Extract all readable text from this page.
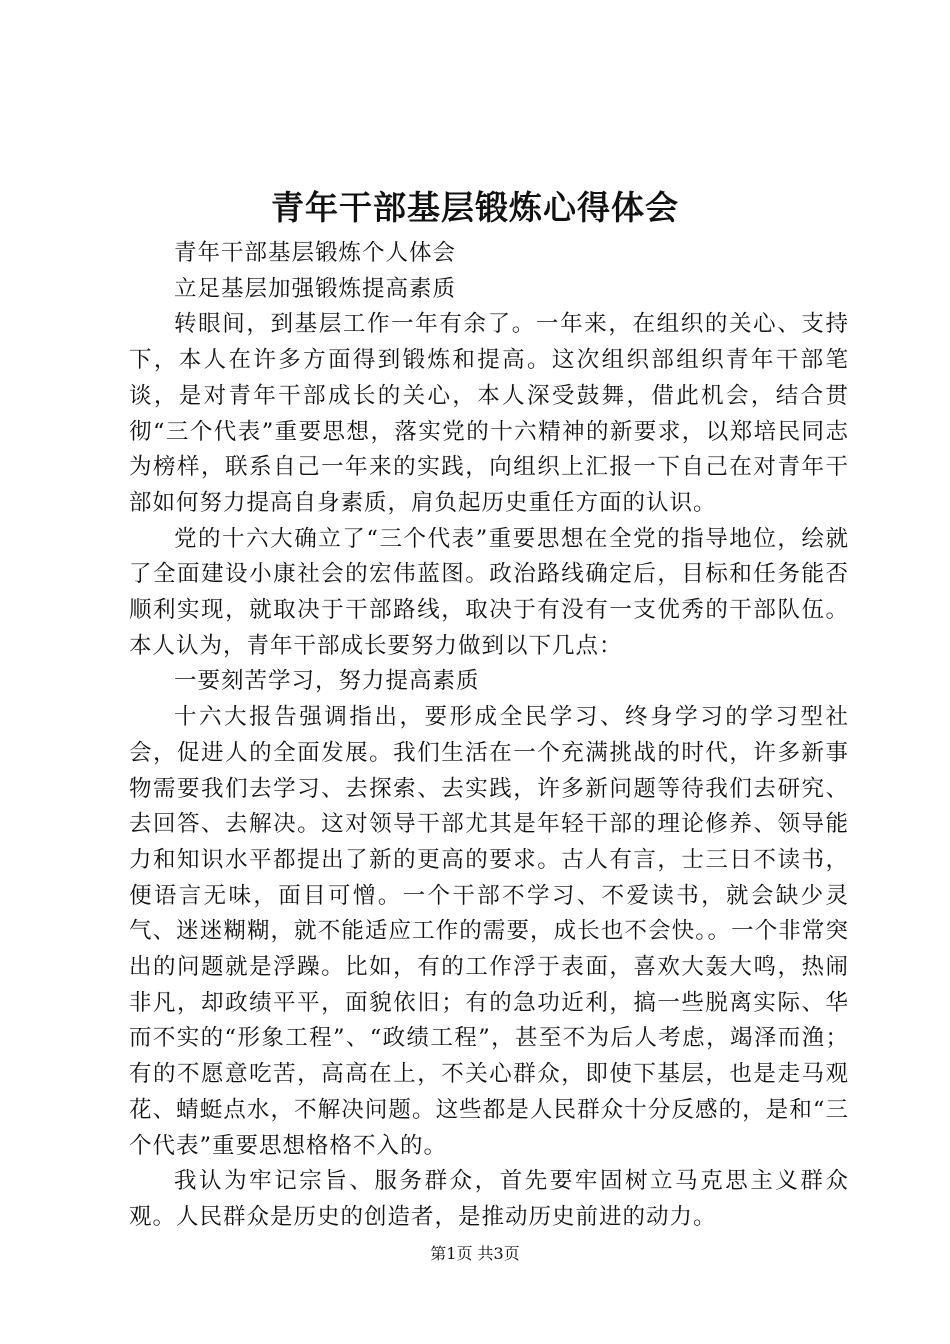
青年干部基层锻炼心得体会

青年干部基层锻炼个人体会

立足基层加强锻炼提高素质

转眼间，到基层工作一年有余了。一年来，在组织的关心、支持下，本人在许多方面得到锻炼和提高。这次组织部组织青年干部笔谈，是对青年干部成长的关心，本人深受鼓舞，借此机会，结合贯彻“三个代表”重要思想，落实党的十六精神的新要求，以郑培民同志为榜样，联系自己一年来的实践，向组织上汇报一下自己在对青年干部如何努力提高自身素质，肩负起历史重任方面的认识。

党的十六大确立了“三个代表”重要思想在全党的指导地位，绘就了全面建设小康社会的宏伟蓝图。政治路线确定后，目标和任务能否顺利实现，就取决于干部路线，取决于有没有一支优秀的干部队伍。本人认为，青年干部成长要努力做到以下几点：

一要刻苦学习，努力提高素质

十六大报告强调指出，要形成全民学习、终身学习的学习型社会，促进人的全面发展。我们生活在一个充满挑战的时代，许多新事物需要我们去学习、去探索、去实践，许多新问题等待我们去研究、去回答、去解决。这对领导干部尤其是年轻干部的理论修养、领导能力和知识水平都提出了新的更高的要求。古人有言，士三日不读书，便语言无味，面目可憎。一个干部不学习、不爱读书，就会缺少灵气、迷迷糊糊，就不能适应工作的需要，成长也不会快。。一个非常突出的问题就是浮躁。比如，有的工作浮于表面，喜欢大轰大鸣，热闹非凡，却政绩平平，面貌依旧；有的急功近利，搞一些脱离实际、华而不实的“形象工程”、“政绩工程”，甚至不为后人考虑，竭泽而渔；有的不愿意吃苦，高高在上，不关心群众，即使下基层，也是走马观花、蜻蜓点水，不解决问题。这些都是人民群众十分反感的，是和“三个代表”重要思想格格不入的。

我认为牢记宗旨、服务群众，首先要牢固树立马克思主义群众观。人民群众是历史的创造者，是推动历史前进的动力。

第1页 共3页
